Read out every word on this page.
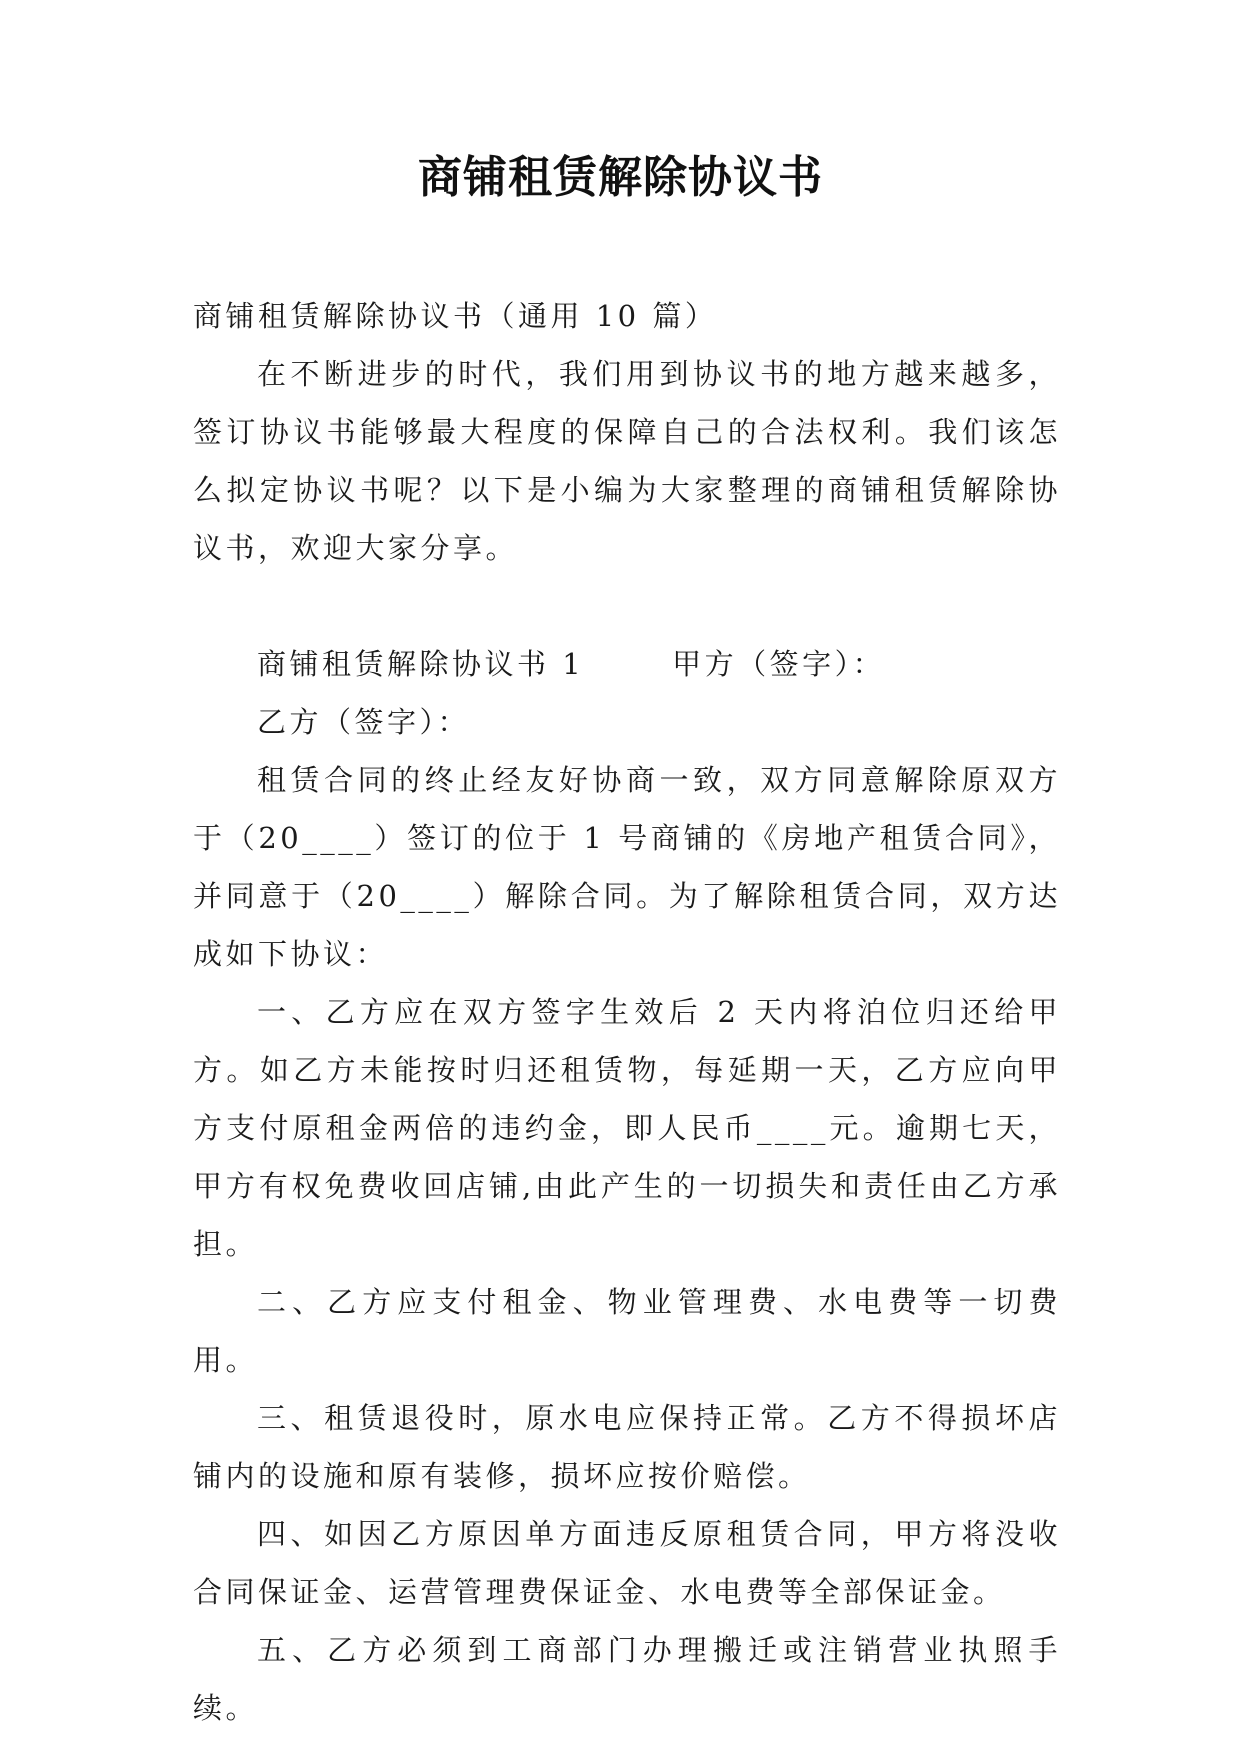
商铺租赁解除协议书

商铺租赁解除协议书（通用 10 篇）

在不断进步的时代，我们用到协议书的地方越来越多，签订协议书能够最大程度的保障自己的合法权利。我们该怎么拟定协议书呢？以下是小编为大家整理的商铺租赁解除协议书，欢迎大家分享。

商铺租赁解除协议书 1	甲方（签字）：

乙方（签字）：

租赁合同的终止经友好协商一致，双方同意解除原双方于（20____）签订的位于 1 号商铺的《房地产租赁合同》，并同意于（20____）解除合同。为了解除租赁合同，双方达成如下协议：

一、乙方应在双方签字生效后 2 天内将泊位归还给甲方。如乙方未能按时归还租赁物，每延期一天，乙方应向甲方支付原租金两倍的违约金，即人民币____元。逾期七天，甲方有权免费收回店铺,由此产生的一切损失和责任由乙方承担。

二、乙方应支付租金、物业管理费、水电费等一切费用。

三、租赁退役时，原水电应保持正常。乙方不得损坏店铺内的设施和原有装修，损坏应按价赔偿。

四、如因乙方原因单方面违反原租赁合同，甲方将没收合同保证金、运营管理费保证金、水电费等全部保证金。

五、乙方必须到工商部门办理搬迁或注销营业执照手续。
